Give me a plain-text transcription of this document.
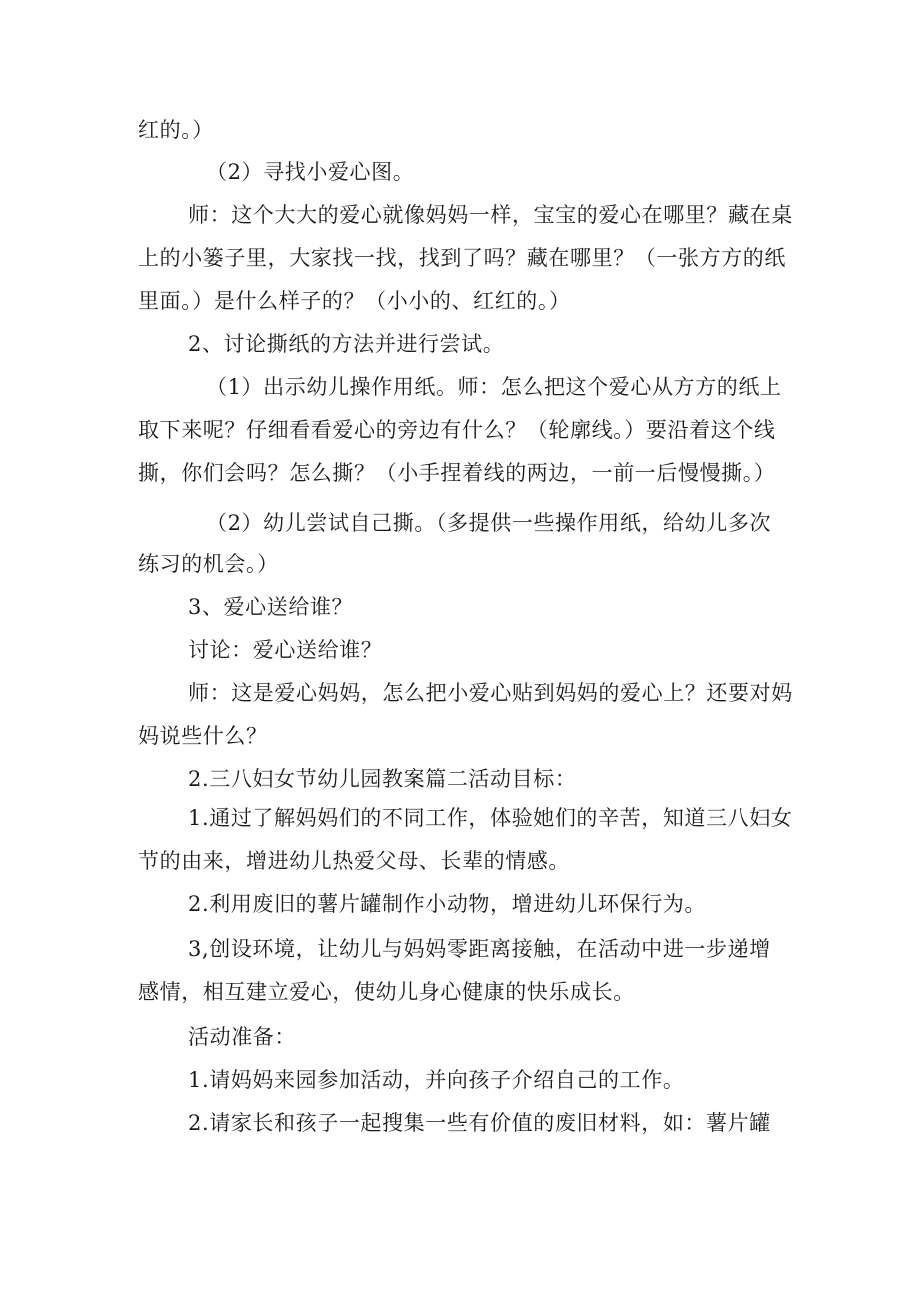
红的。）
（2）寻找小爱心图。
师：这个大大的爱心就像妈妈一样，宝宝的爱心在哪里？藏在桌
上的小篓子里，大家找一找，找到了吗？藏在哪里？（一张方方的纸
里面。）是什么样子的？（小小的、红红的。）
2、讨论撕纸的方法并进行尝试。
（1）出示幼儿操作用纸。师：怎么把这个爱心从方方的纸上
取下来呢？仔细看看爱心的旁边有什么？（轮廓线。）要沿着这个线
撕，你们会吗？怎么撕？（小手捏着线的两边，一前一后慢慢撕。）
（2）幼儿尝试自己撕。（多提供一些操作用纸，给幼儿多次
练习的机会。）
3、爱心送给谁？
讨论：爱心送给谁？
师：这是爱心妈妈，怎么把小爱心贴到妈妈的爱心上？还要对妈
妈说些什么？
2.三八妇女节幼儿园教案篇二活动目标：
1.通过了解妈妈们的不同工作，体验她们的辛苦，知道三八妇女
节的由来，增进幼儿热爱父母、长辈的情感。
2.利用废旧的薯片罐制作小动物，增进幼儿环保行为。
3,创设环境，让幼儿与妈妈零距离接触，在活动中进一步递增
感情，相互建立爱心，使幼儿身心健康的快乐成长。
活动准备：
1.请妈妈来园参加活动，并向孩子介绍自己的工作。
2.请家长和孩子一起搜集一些有价值的废旧材料，如：薯片罐
